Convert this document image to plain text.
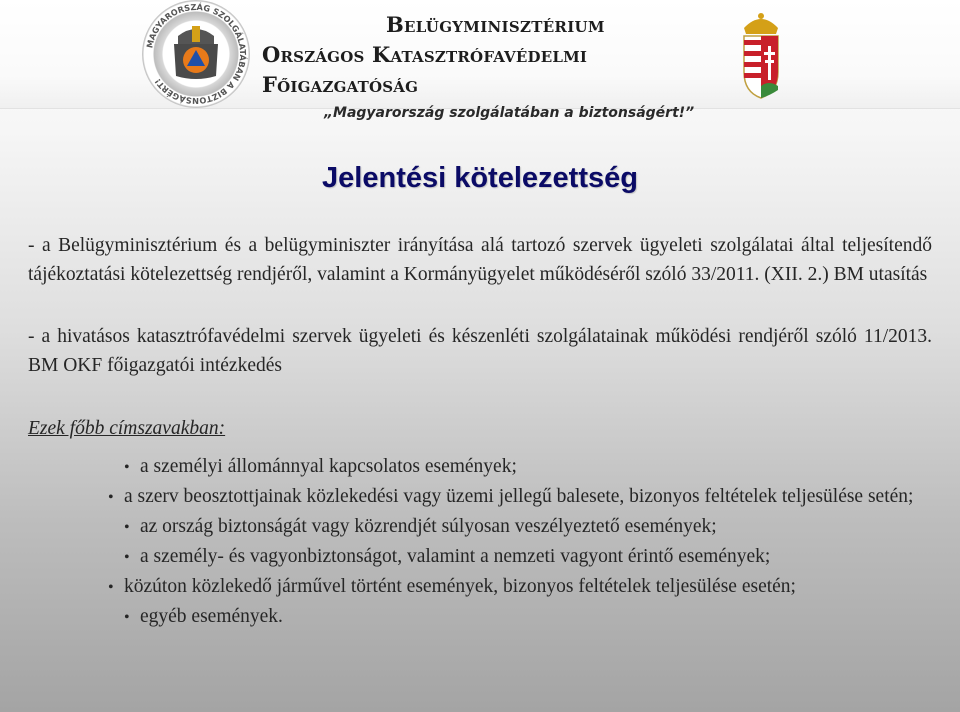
MAGYARORSZÁG SZOLGÁLATÁBAN A BIZTONSÁGÉRT!
Belügyminisztérium
Országos Katasztrófavédelmi Főigazgatóság
„Magyarország szolgálatában a biztonságért!”
Jelentési kötelezettség
- a Belügyminisztérium és a belügyminiszter irányítása alá tartozó szervek ügyeleti szolgálatai által teljesítendő tájékoztatási kötelezettség rendjéről, valamint a Kormányügyelet működéséről szóló 33/2011. (XII. 2.) BM utasítás
- a hivatásos katasztrófavédelmi szervek ügyeleti és készenléti szolgálatainak működési rendjéről szóló 11/2013. BM OKF főigazgatói intézkedés
Ezek főbb címszavakban:
• a személyi állománnyal kapcsolatos események;
• a szerv beosztottjainak közlekedési vagy üzemi jellegű balesete, bizonyos feltételek teljesülése setén;
• az ország biztonságát vagy közrendjét súlyosan veszélyeztető események;
• a személy- és vagyonbiztonságot, valamint a nemzeti vagyont érintő események;
• közúton közlekedő járművel történt események, bizonyos feltételek teljesülése esetén;
• egyéb események.
